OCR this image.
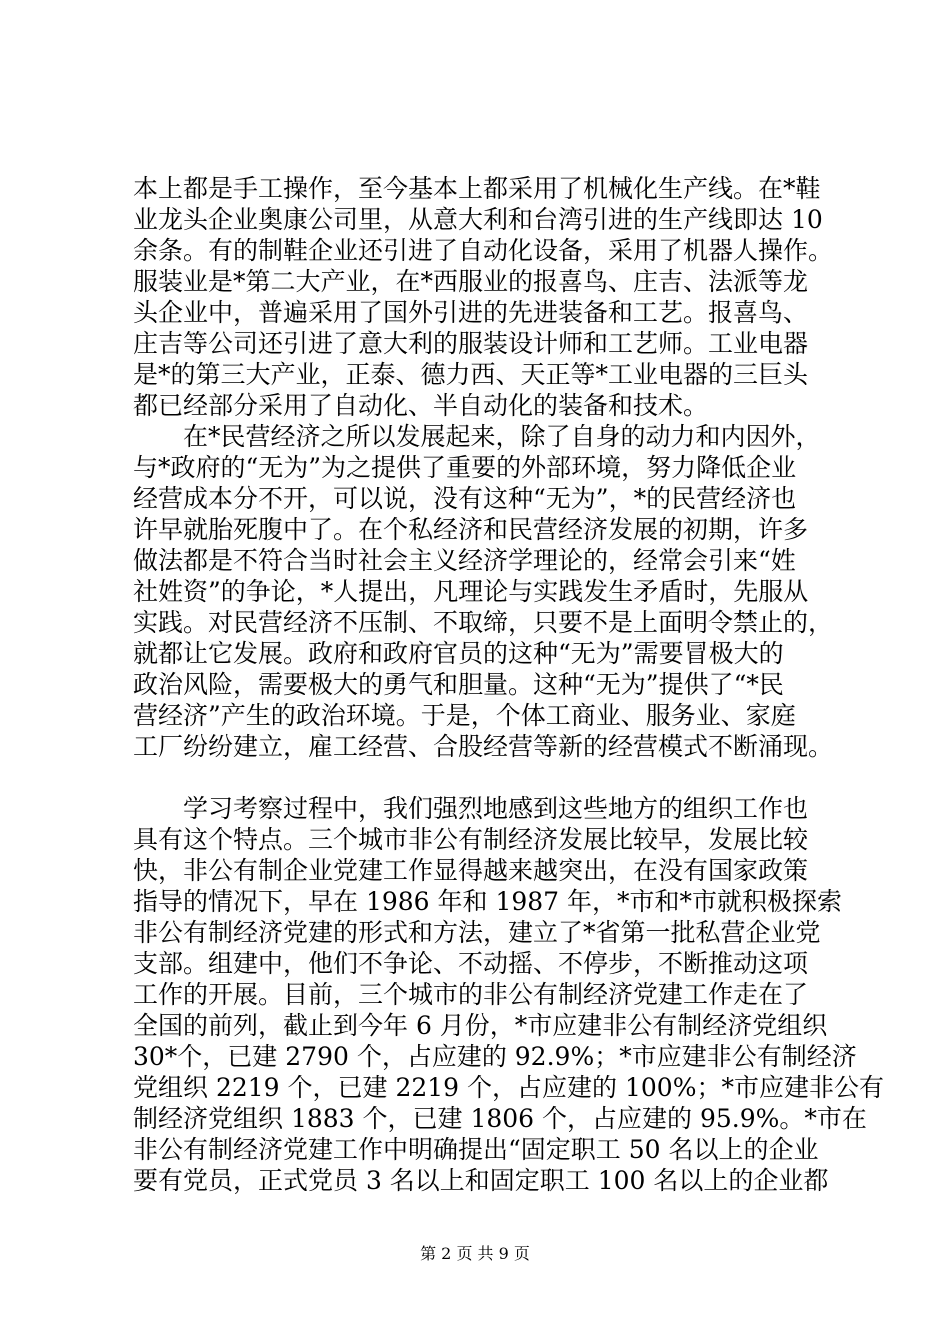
本上都是手工操作，至今基本上都采用了机械化生产线。在*鞋
业龙头企业奥康公司里，从意大利和台湾引进的生产线即达 10
余条。有的制鞋企业还引进了自动化设备，采用了机器人操作。
服装业是*第二大产业，在*西服业的报喜鸟、庄吉、法派等龙
头企业中，普遍采用了国外引进的先进装备和工艺。报喜鸟、
庄吉等公司还引进了意大利的服装设计师和工艺师。工业电器
是*的第三大产业，正泰、德力西、天正等*工业电器的三巨头
都已经部分采用了自动化、半自动化的装备和技术。
　　在*民营经济之所以发展起来，除了自身的动力和内因外，
与*政府的“无为”为之提供了重要的外部环境，努力降低企业
经营成本分不开，可以说，没有这种“无为”，*的民营经济也
许早就胎死腹中了。在个私经济和民营经济发展的初期，许多
做法都是不符合当时社会主义经济学理论的，经常会引来“姓
社姓资”的争论，*人提出，凡理论与实践发生矛盾时，先服从
实践。对民营经济不压制、不取缔，只要不是上面明令禁止的，
就都让它发展。政府和政府官员的这种“无为”需要冒极大的
政治风险，需要极大的勇气和胆量。这种“无为”提供了“*民
营经济”产生的政治环境。于是，个体工商业、服务业、家庭
工厂纷纷建立，雇工经营、合股经营等新的经营模式不断涌现。
　　学习考察过程中，我们强烈地感到这些地方的组织工作也
具有这个特点。三个城市非公有制经济发展比较早，发展比较
快，非公有制企业党建工作显得越来越突出，在没有国家政策
指导的情况下，早在 1986 年和 1987 年，*市和*市就积极探索
非公有制经济党建的形式和方法，建立了*省第一批私营企业党
支部。组建中，他们不争论、不动摇、不停步，不断推动这项
工作的开展。目前，三个城市的非公有制经济党建工作走在了
全国的前列，截止到今年 6 月份，*市应建非公有制经济党组织
30*个，已建 2790 个，占应建的 92.9%；*市应建非公有制经济
党组织 2219 个，已建 2219 个，占应建的 100%；*市应建非公有
制经济党组织 1883 个，已建 1806 个，占应建的 95.9%。*市在
非公有制经济党建工作中明确提出“固定职工 50 名以上的企业
要有党员，正式党员 3 名以上和固定职工 100 名以上的企业都
第 2 页 共 9 页
